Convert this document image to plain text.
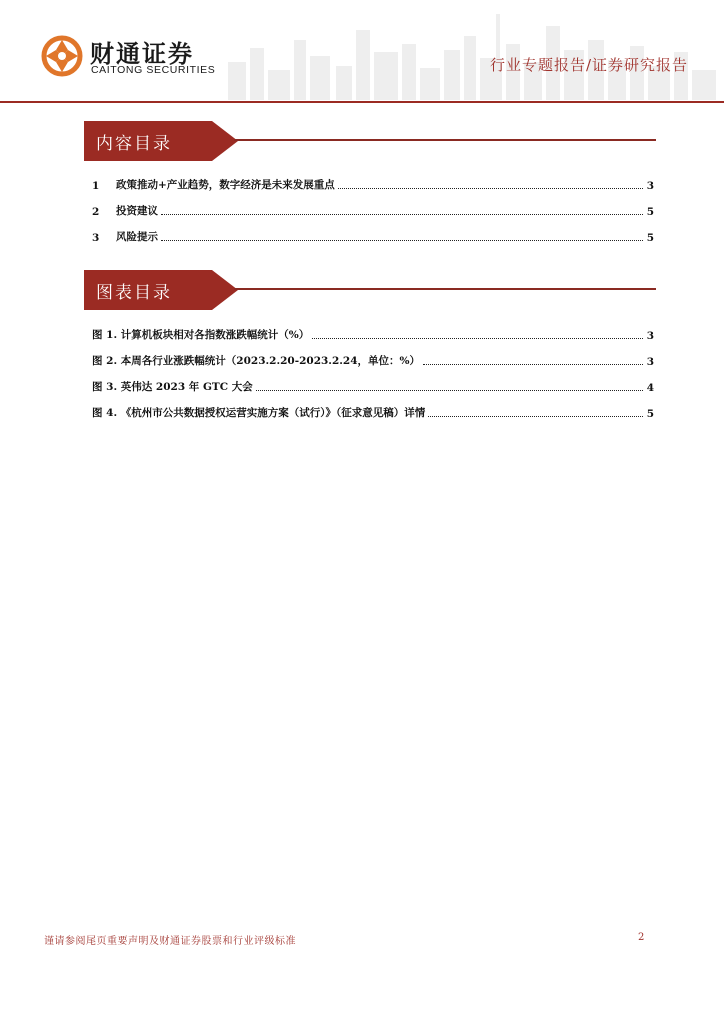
财通证券
CAITONG SECURITIES	行业专题报告/证券研究报告
内容目录
1	政策推动+产业趋势，数字经济是未来发展重点	3
2	投资建议	5
3	风险提示	5
图表目录
图 1. 计算机板块相对各指数涨跌幅统计（%）	3
图 2. 本周各行业涨跌幅统计（2023.2.20-2023.2.24，单位：%）	3
图 3. 英伟达 2023 年 GTC 大会	4
图 4. 《杭州市公共数据授权运营实施方案（试行）》（征求意见稿）详情	5
谨请参阅尾页重要声明及财通证券股票和行业评级标准	2
